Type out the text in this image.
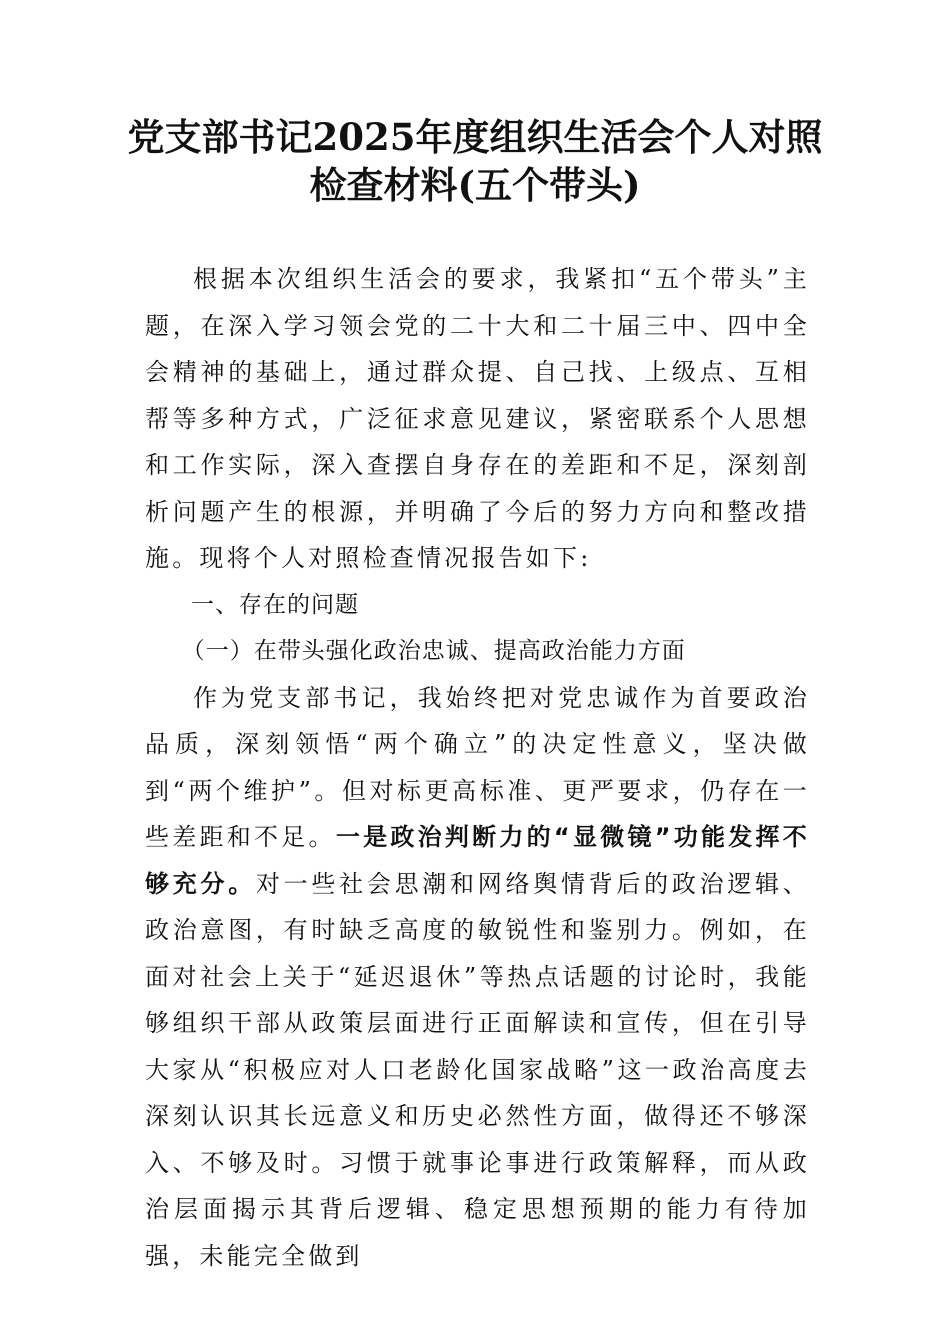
党支部书记2025年度组织生活会个人对照
检查材料(五个带头)

根据本次组织生活会的要求，我紧扣“五个带头”主题，在深入学习领会党的二十大和二十届三中、四中全会精神的基础上，通过群众提、自己找、上级点、互相帮等多种方式，广泛征求意见建议，紧密联系个人思想和工作实际，深入查摆自身存在的差距和不足，深刻剖析问题产生的根源，并明确了今后的努力方向和整改措施。现将个人对照检查情况报告如下:

一、存在的问题

（一）在带头强化政治忠诚、提高政治能力方面

作为党支部书记，我始终把对党忠诚作为首要政治品质，深刻领悟“两个确立”的决定性意义，坚决做到“两个维护”。但对标更高标准、更严要求，仍存在一些差距和不足。一是政治判断力的“显微镜”功能发挥不够充分。对一些社会思潮和网络舆情背后的政治逻辑、政治意图，有时缺乏高度的敏锐性和鉴别力。例如，在面对社会上关于“延迟退休”等热点话题的讨论时，我能够组织干部从政策层面进行正面解读和宣传，但在引导大家从“积极应对人口老龄化国家战略”这一政治高度去深刻认识其长远意义和历史必然性方面，做得还不够深入、不够及时。习惯于就事论事进行政策解释，而从政治层面揭示其背后逻辑、稳定思想预期的能力有待加强，未能完全做到
